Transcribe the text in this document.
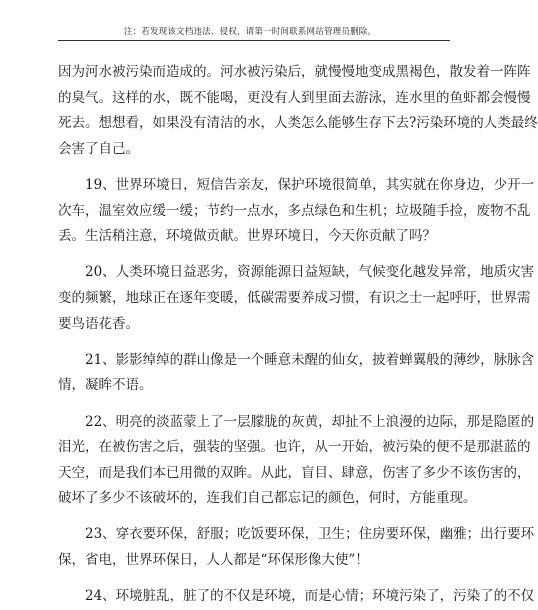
注：若发现该文档违法、侵权，请第一时间联系网站管理员删除。
因为河水被污染而造成的。河水被污染后，就慢慢地变成黑褐色，散发着一阵阵
的臭气。这样的水，既不能喝，更没有人到里面去游泳，连水里的鱼虾都会慢慢
死去。想想看，如果没有清洁的水，人类怎么能够生存下去?污染环境的人类最终
会害了自己。
19、世界环境日，短信告亲友，保护环境很简单，其实就在你身边，少开一
次车，温室效应缓一缓；节约一点水，多点绿色和生机；垃圾随手捡，废物不乱
丢。生活稍注意，环境做贡献。世界环境日，今天你贡献了吗？
20、人类环境日益恶劣，资源能源日益短缺，气候变化越发异常，地质灾害
变的频繁，地球正在逐年变暖，低碳需要养成习惯，有识之士一起呼吁，世界需
要鸟语花香。
21、影影绰绰的群山像是一个睡意未醒的仙女，披着蝉翼般的薄纱，脉脉含
情，凝眸不语。
22、明亮的淡蓝蒙上了一层朦胧的灰黄，却扯不上浪漫的边际，那是隐匿的
泪光，在被伤害之后，强装的坚强。也许，从一开始，被污染的便不是那湛蓝的
天空，而是我们本已用微的双眸。从此，盲目、肆意，伤害了多少不该伤害的，
破坏了多少不该破坏的，连我们自己都忘记的颜色，何时，方能重现。
23、穿衣要环保，舒服；吃饭要环保，卫生；住房要环保，幽雅；出行要环
保，省电，世界环保日，人人都是“环保形像大使”！
24、环境脏乱，脏了的不仅是环境，而是心情；环境污染了，污染了的不仅
